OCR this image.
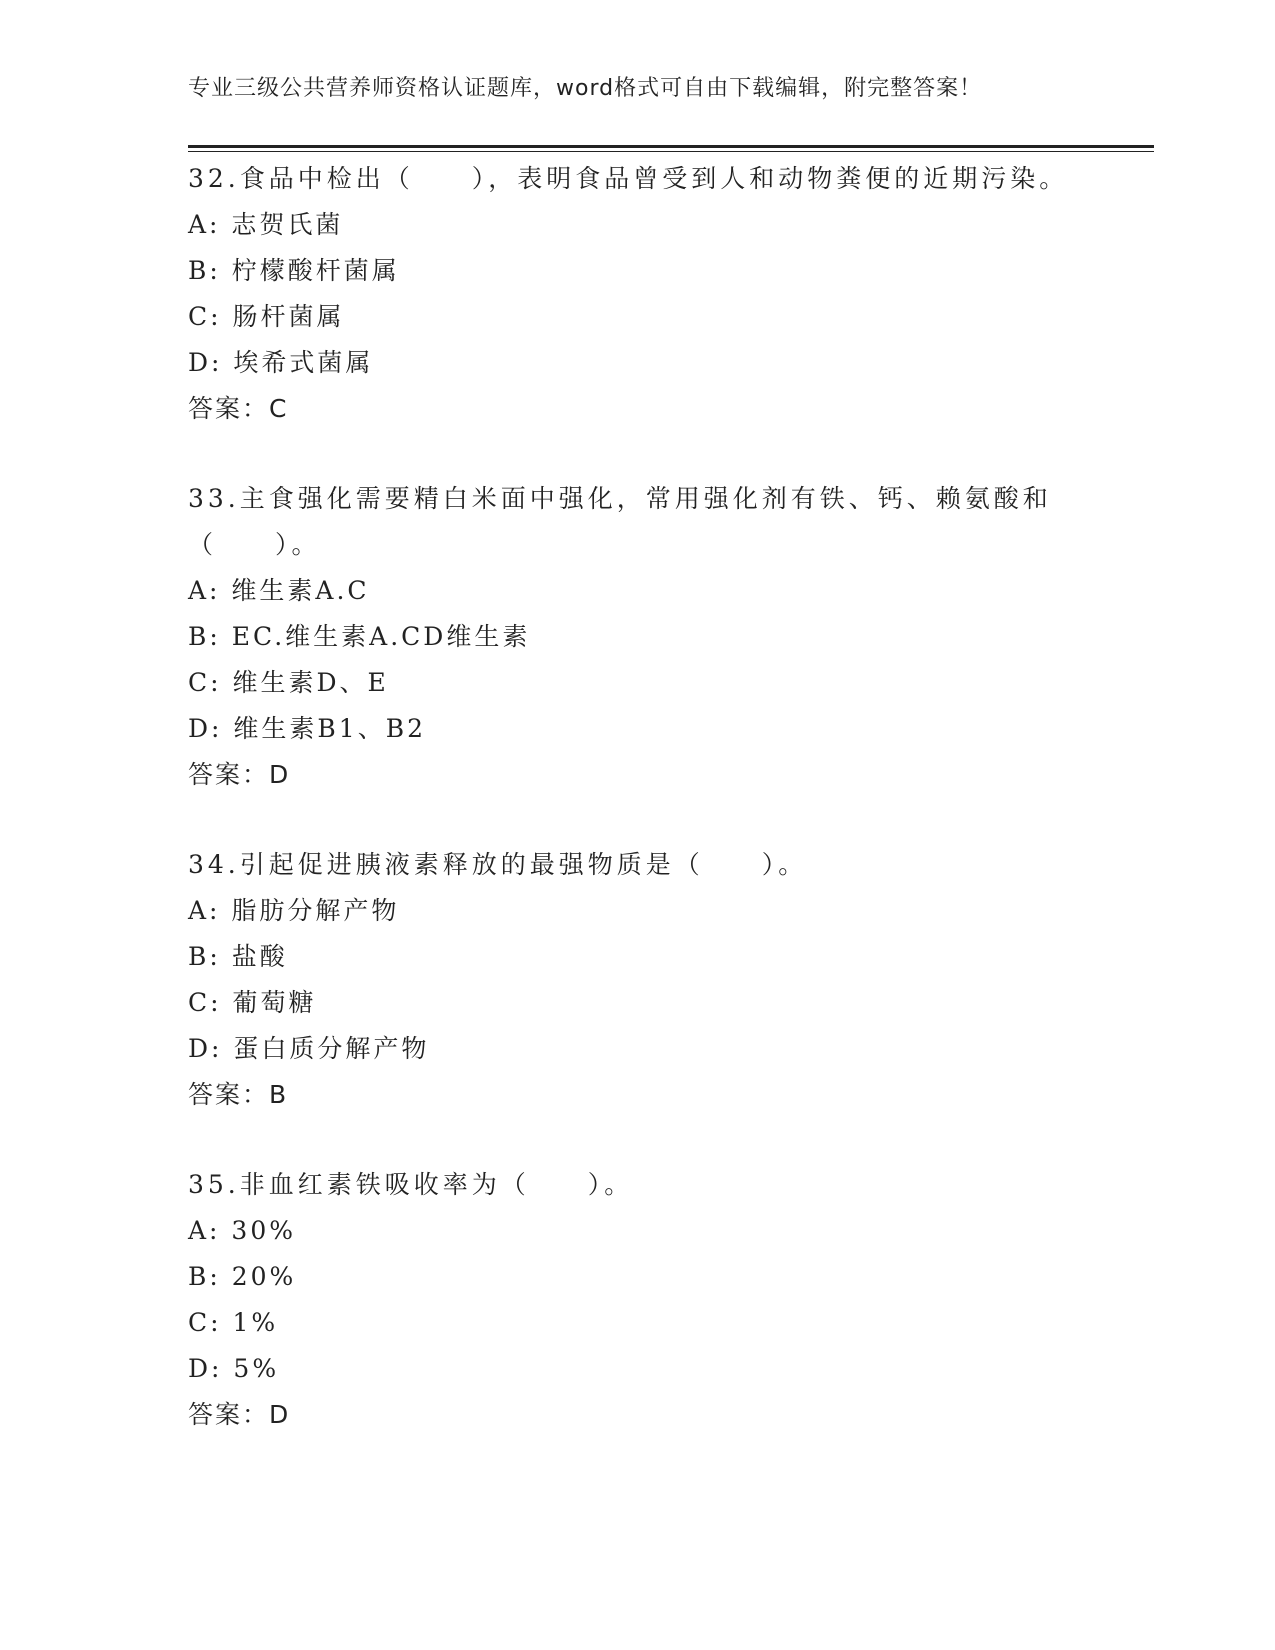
专业三级公共营养师资格认证题库，word格式可自由下载编辑，附完整答案！
32.食品中检出（　　），表明食品曾受到人和动物粪便的近期污染。
A: 志贺氏菌
B: 柠檬酸杆菌属
C: 肠杆菌属
D: 埃希式菌属
答案：C
33.主食强化需要精白米面中强化，常用强化剂有铁、钙、赖氨酸和（　　）。
A: 维生素A.C
B: EC.维生素A.CD维生素
C: 维生素D、E
D: 维生素B1、B2
答案：D
34.引起促进胰液素释放的最强物质是（　　）。
A: 脂肪分解产物
B: 盐酸
C: 葡萄糖
D: 蛋白质分解产物
答案：B
35.非血红素铁吸收率为（　　）。
A: 30%
B: 20%
C: 1%
D: 5%
答案：D
